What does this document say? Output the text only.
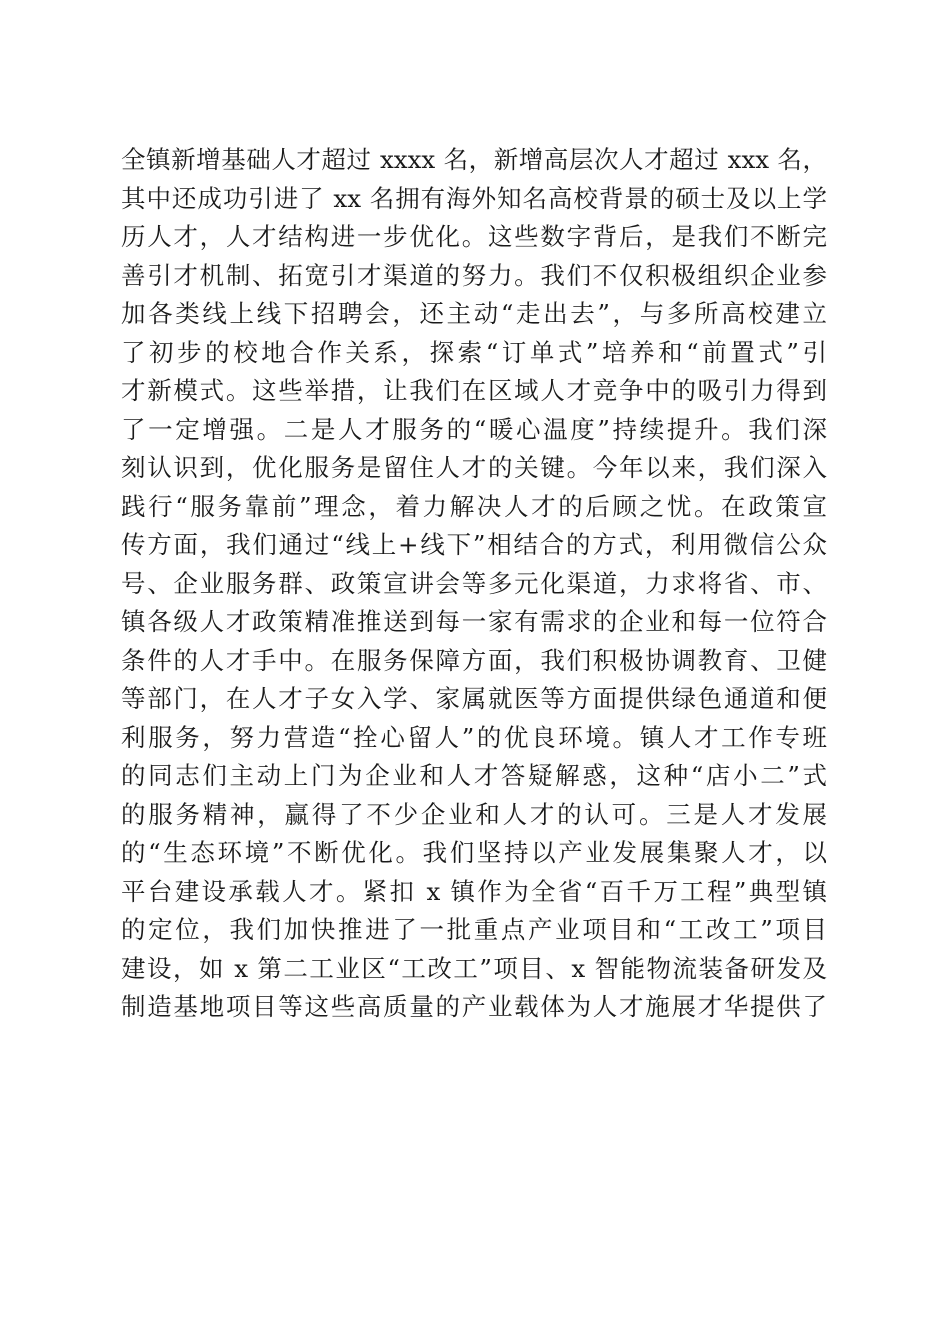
全镇新增基础人才超过 xxxx 名，新增高层次人才超过 xxx 名，
其中还成功引进了 xx 名拥有海外知名高校背景的硕士及以上学
历人才，人才结构进一步优化。这些数字背后，是我们不断完
善引才机制、拓宽引才渠道的努力。我们不仅积极组织企业参
加各类线上线下招聘会，还主动“走出去”，与多所高校建立
了初步的校地合作关系，探索“订单式”培养和“前置式”引
才新模式。这些举措，让我们在区域人才竞争中的吸引力得到
了一定增强。二是人才服务的“暖心温度”持续提升。我们深
刻认识到，优化服务是留住人才的关键。今年以来，我们深入
践行“服务靠前”理念，着力解决人才的后顾之忧。在政策宣
传方面，我们通过“线上+线下”相结合的方式，利用微信公众
号、企业服务群、政策宣讲会等多元化渠道，力求将省、市、
镇各级人才政策精准推送到每一家有需求的企业和每一位符合
条件的人才手中。在服务保障方面，我们积极协调教育、卫健
等部门，在人才子女入学、家属就医等方面提供绿色通道和便
利服务，努力营造“拴心留人”的优良环境。镇人才工作专班
的同志们主动上门为企业和人才答疑解惑，这种“店小二”式
的服务精神，赢得了不少企业和人才的认可。三是人才发展
的“生态环境”不断优化。我们坚持以产业发展集聚人才，以
平台建设承载人才。紧扣 x 镇作为全省“百千万工程”典型镇
的定位，我们加快推进了一批重点产业项目和“工改工”项目
建设，如 x 第二工业区“工改工”项目、x 智能物流装备研发及
制造基地项目等这些高质量的产业载体为人才施展才华提供了
